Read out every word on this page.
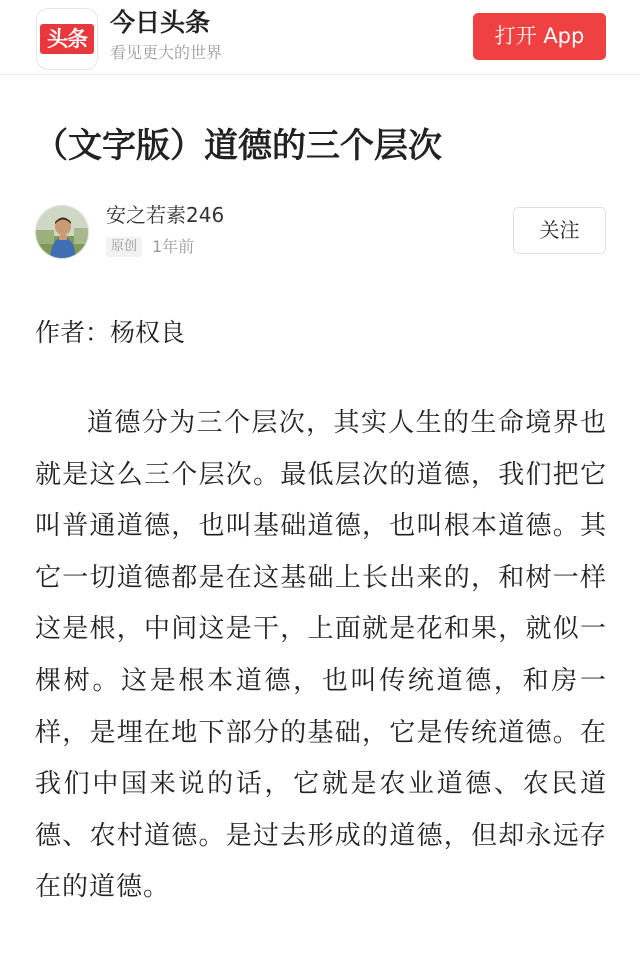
头条
今日头条
看见更大的世界
打开 App
（文字版）道德的三个层次
安之若素246
原创 1年前
关注
作者：杨权良

道德分为三个层次，其实人生的生命境界也就是这么三个层次。最低层次的道德，我们把它叫普通道德，也叫基础道德，也叫根本道德。其它一切道德都是在这基础上长出来的，和树一样这是根，中间这是干，上面就是花和果，就似一棵树。这是根本道德，也叫传统道德，和房一样，是埋在地下部分的基础，它是传统道德。在我们中国来说的话，它就是农业道德、农民道德、农村道德。是过去形成的道德，但却永远存在的道德。
